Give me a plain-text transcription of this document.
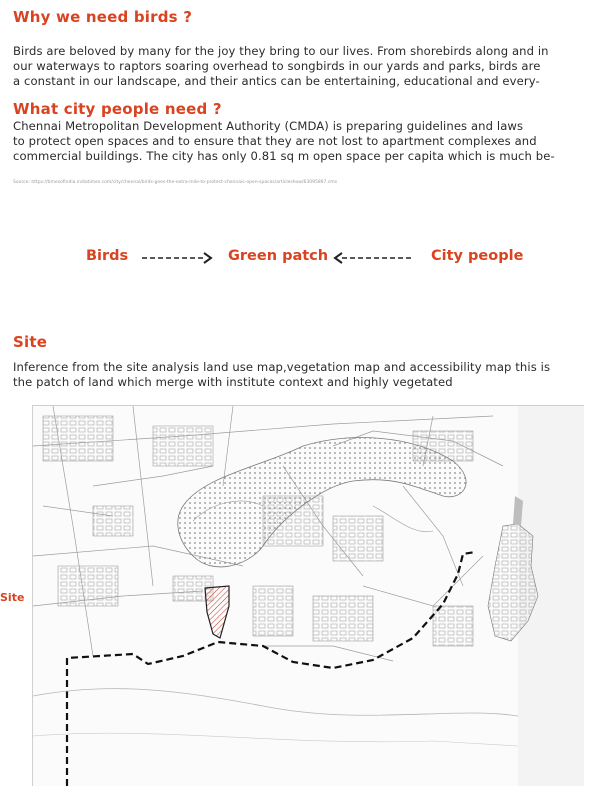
Why we need birds ?
Birds are beloved by many for the joy they bring to our lives. From shorebirds along and in
our waterways to raptors soaring overhead to songbirds in our yards and parks, birds are
a constant in our landscape, and their antics can be entertaining, educational and every-
What city people need ?
Chennai Metropolitan Development Authority (CMDA) is preparing guidelines and laws
to protect open spaces and to ensure that they are not lost to apartment complexes and
commercial buildings. The city has only 0.81 sq m open space per capita which is much be-
Source: https://timesofindia.indiatimes.com/city/chennai/birds-goes-the-extra-mile-to-protect-chennais-open-spaces/articleshow/63095897.cms
Birds	Green patch	City people
Site
Inference from the site analysis land use map,vegetation map and accessibility map this is
the patch of land which merge with institute context and highly vegetated
Site
